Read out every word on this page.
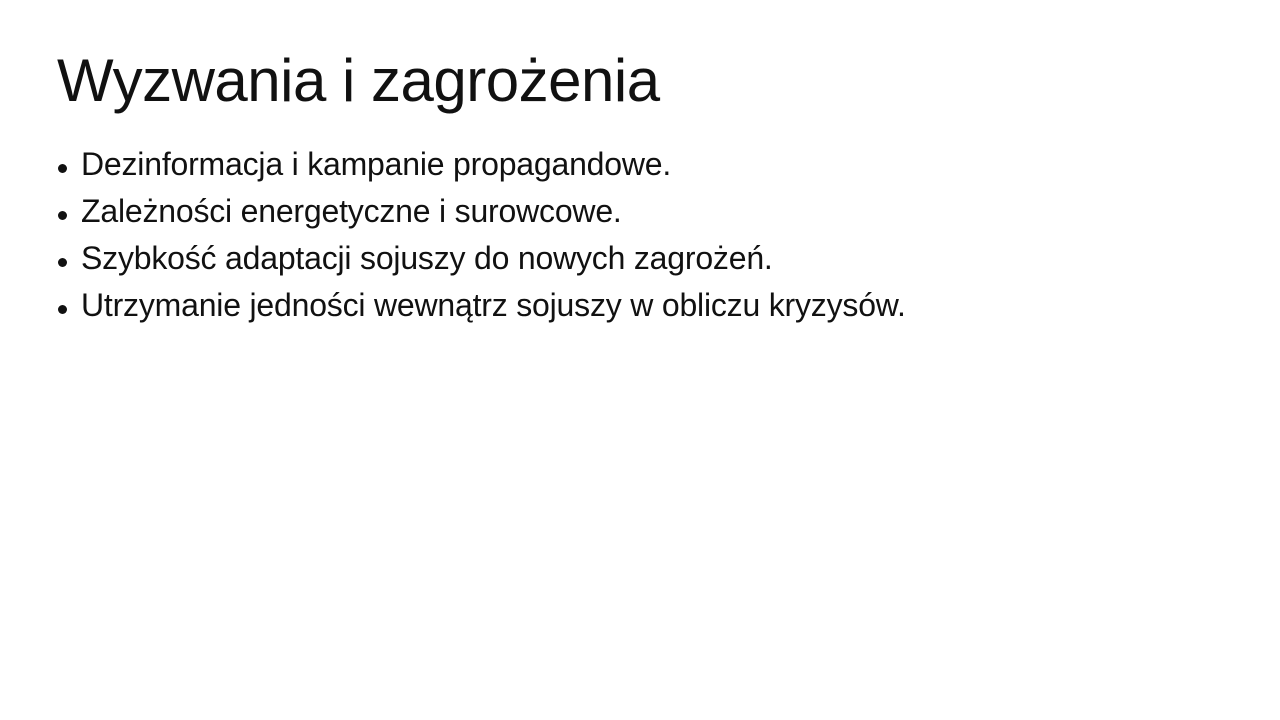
Wyzwania i zagrożenia
Dezinformacja i kampanie propagandowe.
Zależności energetyczne i surowcowe.
Szybkość adaptacji sojuszy do nowych zagrożeń.
Utrzymanie jedności wewnątrz sojuszy w obliczu kryzysów.
